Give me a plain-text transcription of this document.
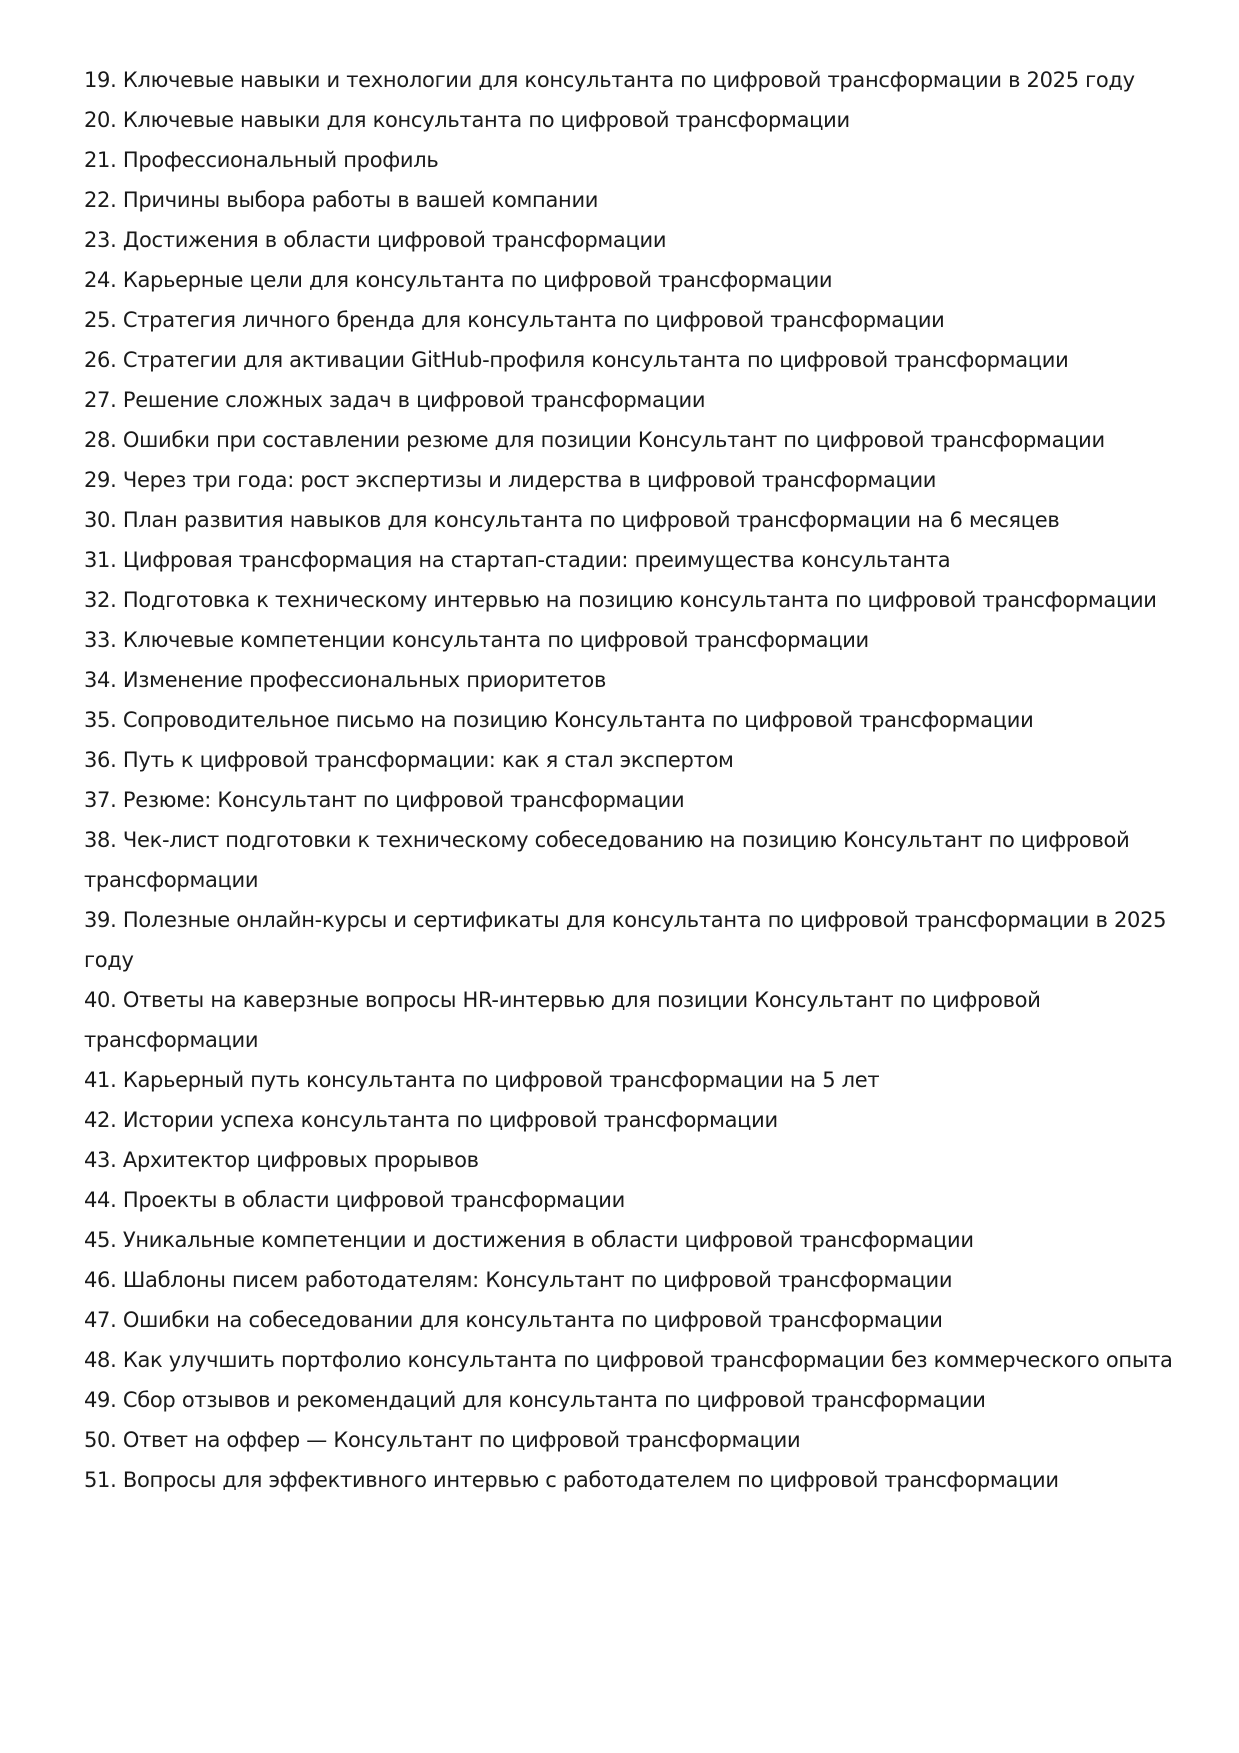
19. Ключевые навыки и технологии для консультанта по цифровой трансформации в 2025 году
20. Ключевые навыки для консультанта по цифровой трансформации
21. Профессиональный профиль
22. Причины выбора работы в вашей компании
23. Достижения в области цифровой трансформации
24. Карьерные цели для консультанта по цифровой трансформации
25. Стратегия личного бренда для консультанта по цифровой трансформации
26. Стратегии для активации GitHub-профиля консультанта по цифровой трансформации
27. Решение сложных задач в цифровой трансформации
28. Ошибки при составлении резюме для позиции Консультант по цифровой трансформации
29. Через три года: рост экспертизы и лидерства в цифровой трансформации
30. План развития навыков для консультанта по цифровой трансформации на 6 месяцев
31. Цифровая трансформация на стартап-стадии: преимущества консультанта
32. Подготовка к техническому интервью на позицию консультанта по цифровой трансформации
33. Ключевые компетенции консультанта по цифровой трансформации
34. Изменение профессиональных приоритетов
35. Сопроводительное письмо на позицию Консультанта по цифровой трансформации
36. Путь к цифровой трансформации: как я стал экспертом
37. Резюме: Консультант по цифровой трансформации
38. Чек-лист подготовки к техническому собеседованию на позицию Консультант по цифровой трансформации
39. Полезные онлайн-курсы и сертификаты для консультанта по цифровой трансформации в 2025 году
40. Ответы на каверзные вопросы HR-интервью для позиции Консультант по цифровой трансформации
41. Карьерный путь консультанта по цифровой трансформации на 5 лет
42. Истории успеха консультанта по цифровой трансформации
43. Архитектор цифровых прорывов
44. Проекты в области цифровой трансформации
45. Уникальные компетенции и достижения в области цифровой трансформации
46. Шаблоны писем работодателям: Консультант по цифровой трансформации
47. Ошибки на собеседовании для консультанта по цифровой трансформации
48. Как улучшить портфолио консультанта по цифровой трансформации без коммерческого опыта
49. Сбор отзывов и рекомендаций для консультанта по цифровой трансформации
50. Ответ на оффер — Консультант по цифровой трансформации
51. Вопросы для эффективного интервью с работодателем по цифровой трансформации
